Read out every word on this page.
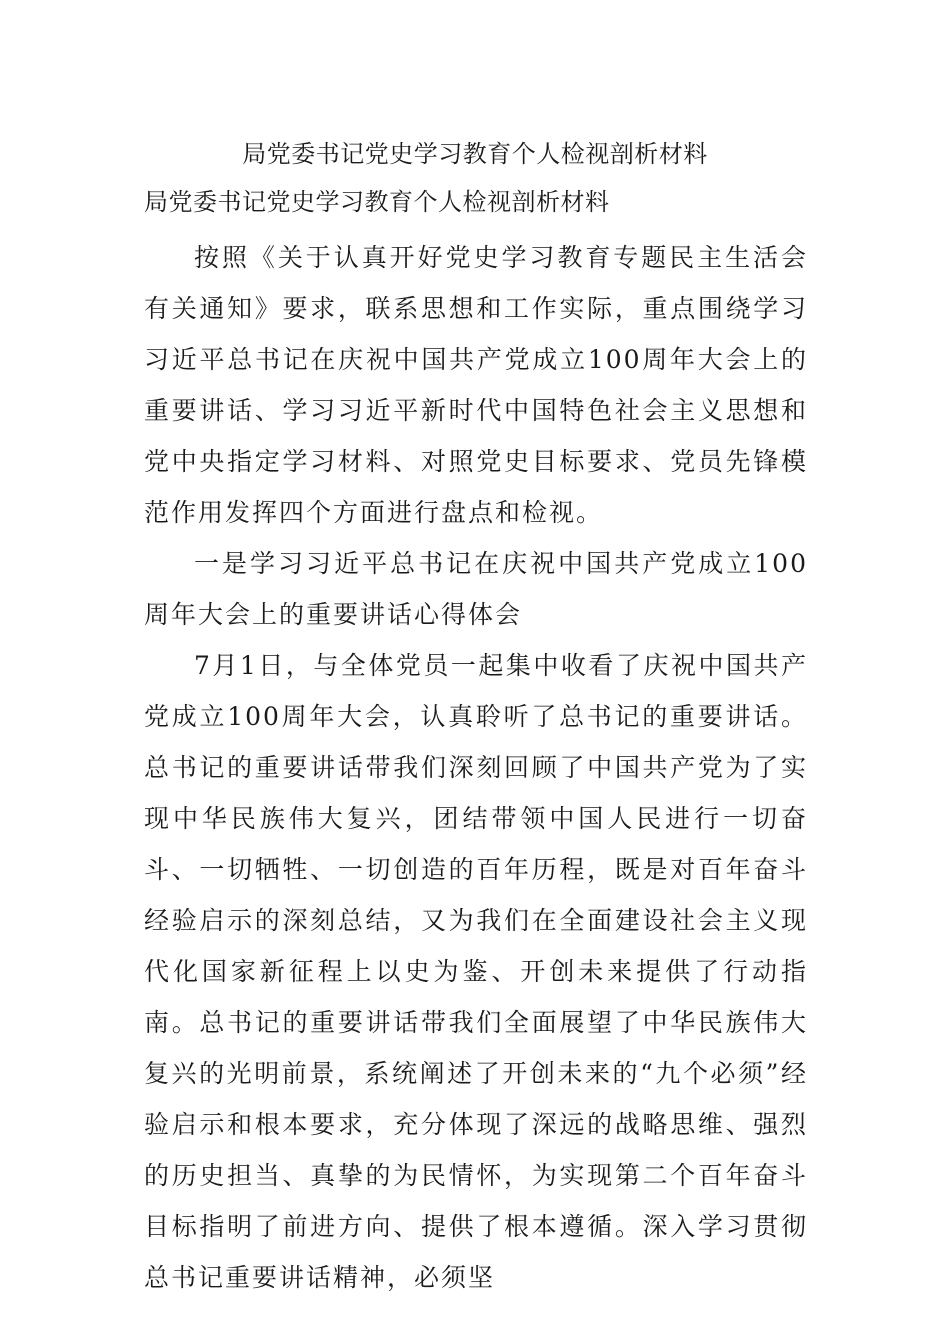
局党委书记党史学习教育个人检视剖析材料
局党委书记党史学习教育个人检视剖析材料

按照《关于认真开好党史学习教育专题民主生活会有关通知》要求，联系思想和工作实际，重点围绕学习习近平总书记在庆祝中国共产党成立100周年大会上的重要讲话、学习习近平新时代中国特色社会主义思想和党中央指定学习材料、对照党史目标要求、党员先锋模范作用发挥四个方面进行盘点和检视。

一是学习习近平总书记在庆祝中国共产党成立100周年大会上的重要讲话心得体会

7月1日，与全体党员一起集中收看了庆祝中国共产党成立100周年大会，认真聆听了总书记的重要讲话。总书记的重要讲话带我们深刻回顾了中国共产党为了实现中华民族伟大复兴，团结带领中国人民进行一切奋斗、一切牺牲、一切创造的百年历程，既是对百年奋斗经验启示的深刻总结，又为我们在全面建设社会主义现代化国家新征程上以史为鉴、开创未来提供了行动指南。总书记的重要讲话带我们全面展望了中华民族伟大复兴的光明前景，系统阐述了开创未来的“九个必须”经验启示和根本要求，充分体现了深远的战略思维、强烈的历史担当、真挚的为民情怀，为实现第二个百年奋斗目标指明了前进方向、提供了根本遵循。深入学习贯彻总书记重要讲话精神，必须坚
